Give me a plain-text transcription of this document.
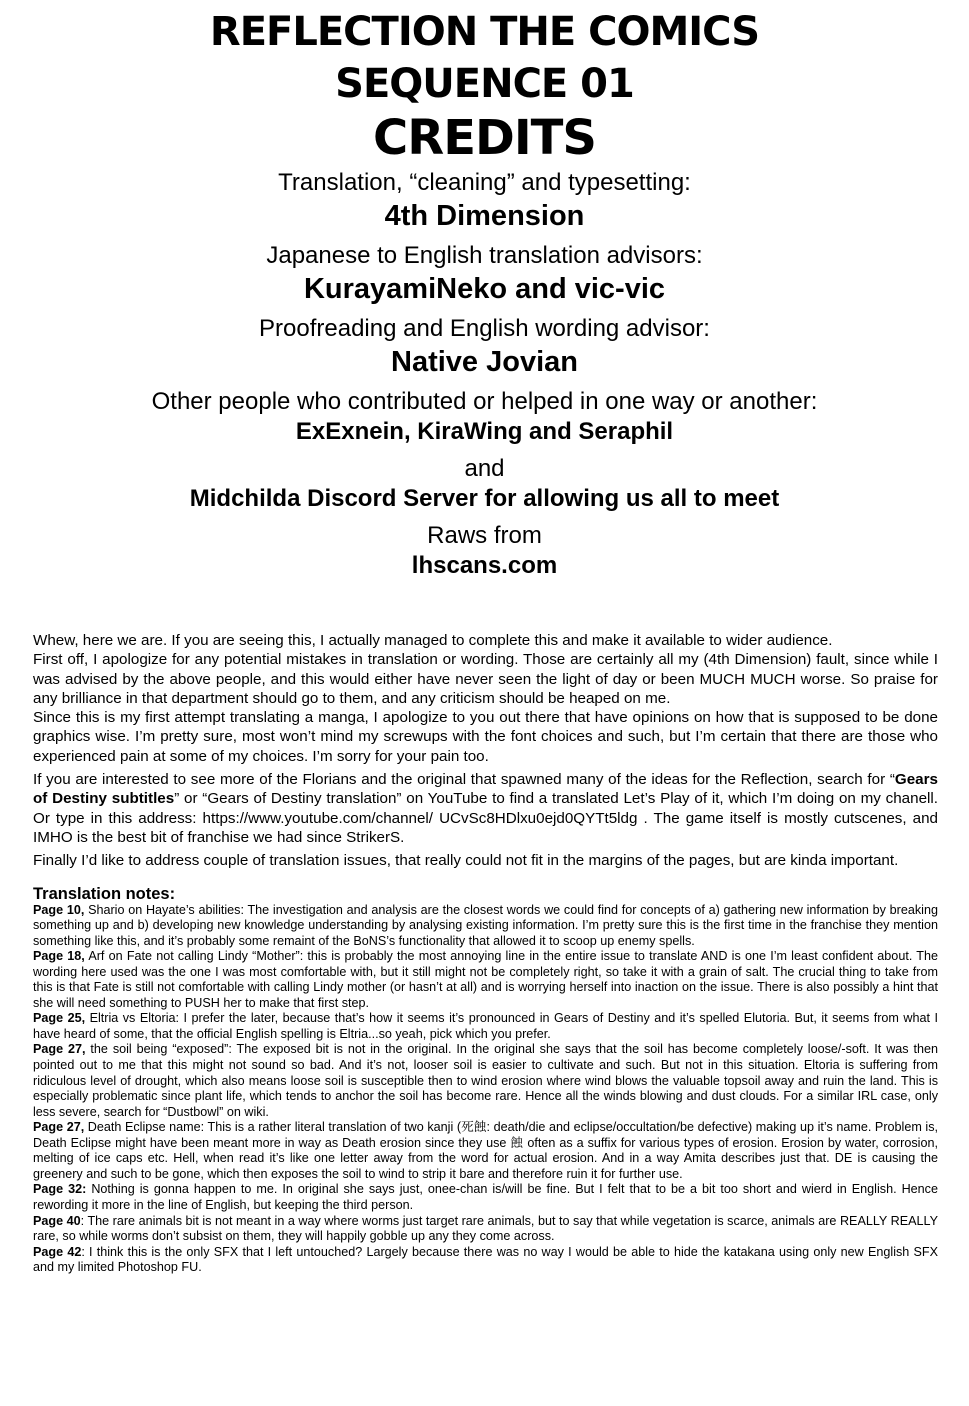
REFLECTION THE COMICS
SEQUENCE 01
CREDITS

Translation, “cleaning” and typesetting:

4th Dimension

Japanese to English translation advisors:

KurayamiNeko and vic-vic

Proofreading and English wording advisor:

Native Jovian

Other people who contributed or helped in one way or another:

ExExnein, KiraWing and Seraphil

and

Midchilda Discord Server for allowing us all to meet

Raws from

lhscans.com

Whew, here we are. If you are seeing this, I actually managed to complete this and make it available to wider audience.

First off, I apologize for any potential mistakes in translation or wording. Those are certainly all my (4th Dimension) fault, since while I was advised by the above people, and this would either have never seen the light of day or been MUCH MUCH worse. So praise for any brilliance in that department should go to them, and any criticism should be heaped on me.

Since this is my first attempt translating a manga, I apologize to you out there that have opinions on how that is supposed to be done graphics wise. I’m pretty sure, most won’t mind my screwups with the font choices and such, but I’m certain that there are those who experienced pain at some of my choices. I’m sorry for your pain too.

If you are interested to see more of the Florians and the original that spawned many of the ideas for the Reflection, search for “Gears of Destiny subtitles” or “Gears of Destiny translation” on YouTube to find a translated Let’s Play of it, which I’m doing on my chanell. Or type in this address: https://www.youtube.com/channel/ UCvSc8HDlxu0ejd0QYTt5ldg . The game itself is mostly cutscenes, and IMHO is the best bit of franchise we had since StrikerS.

Finally I’d like to address couple of translation issues, that really could not fit in the margins of the pages, but are kinda important.

Translation notes:

Page 10, Shario on Hayate’s abilities: The investigation and analysis are the closest words we could find for concepts of a) gathering new information by breaking something up and b) developing new knowledge understanding by analysing existing information. I’m pretty sure this is the first time in the franchise they mention something like this, and it’s probably some remaint of the BoNS’s functionality that allowed it to scoop up enemy spells.

Page 18, Arf on Fate not calling Lindy “Mother”: this is probably the most annoying line in the entire issue to translate AND is one I’m least confident about. The wording here used was the one I was most comfortable with, but it still might not be completely right, so take it with a grain of salt. The crucial thing to take from this is that Fate is still not comfortable with calling Lindy mother (or hasn’t at all) and is worrying herself into inaction on the issue. There is also possibly a hint that she will need something to PUSH her to make that first step.

Page 25, Eltria vs Eltoria: I prefer the later, because that’s how it seems it’s pronounced in Gears of Destiny and it’s spelled Elutoria. But, it seems from what I have heard of some, that the official English spelling is Eltria...so yeah, pick which you prefer.

Page 27, the soil being “exposed”: The exposed bit is not in the original. In the original she says that the soil has become completely loose/-soft. It was then pointed out to me that this might not sound so bad. And it’s not, looser soil is easier to cultivate and such. But not in this situation. Eltoria is suffering from ridiculous level of drought, which also means loose soil is susceptible then to wind erosion where wind blows the valuable topsoil away and ruin the land. This is especially problematic since plant life, which tends to anchor the soil has become rare. Hence all the winds blowing and dust clouds. For a similar IRL case, only less severe, search for “Dustbowl” on wiki.

Page 27, Death Eclipse name: This is a rather literal translation of two kanji (死蝕: death/die and eclipse/occultation/be defective) making up it’s name. Problem is, Death Eclipse might have been meant more in way as Death erosion since they use 蝕 often as a suffix for various types of erosion. Erosion by water, corrosion, melting of ice caps etc. Hell, when read it’s like one letter away from the word for actual erosion. And in a way Amita describes just that. DE is causing the greenery and such to be gone, which then exposes the soil to wind to strip it bare and therefore ruin it for further use.

Page 32: Nothing is gonna happen to me. In original she says just, onee-chan is/will be fine. But I felt that to be a bit too short and wierd in English. Hence rewording it more in the line of English, but keeping the third person.

Page 40: The rare animals bit is not meant in a way where worms just target rare animals, but to say that while vegetation is scarce, animals are REALLY REALLY rare, so while worms don’t subsist on them, they will happily gobble up any they come across.

Page 42: I think this is the only SFX that I left untouched? Largely because there was no way I would be able to hide the katakana using only new English SFX and my limited Photoshop FU.
